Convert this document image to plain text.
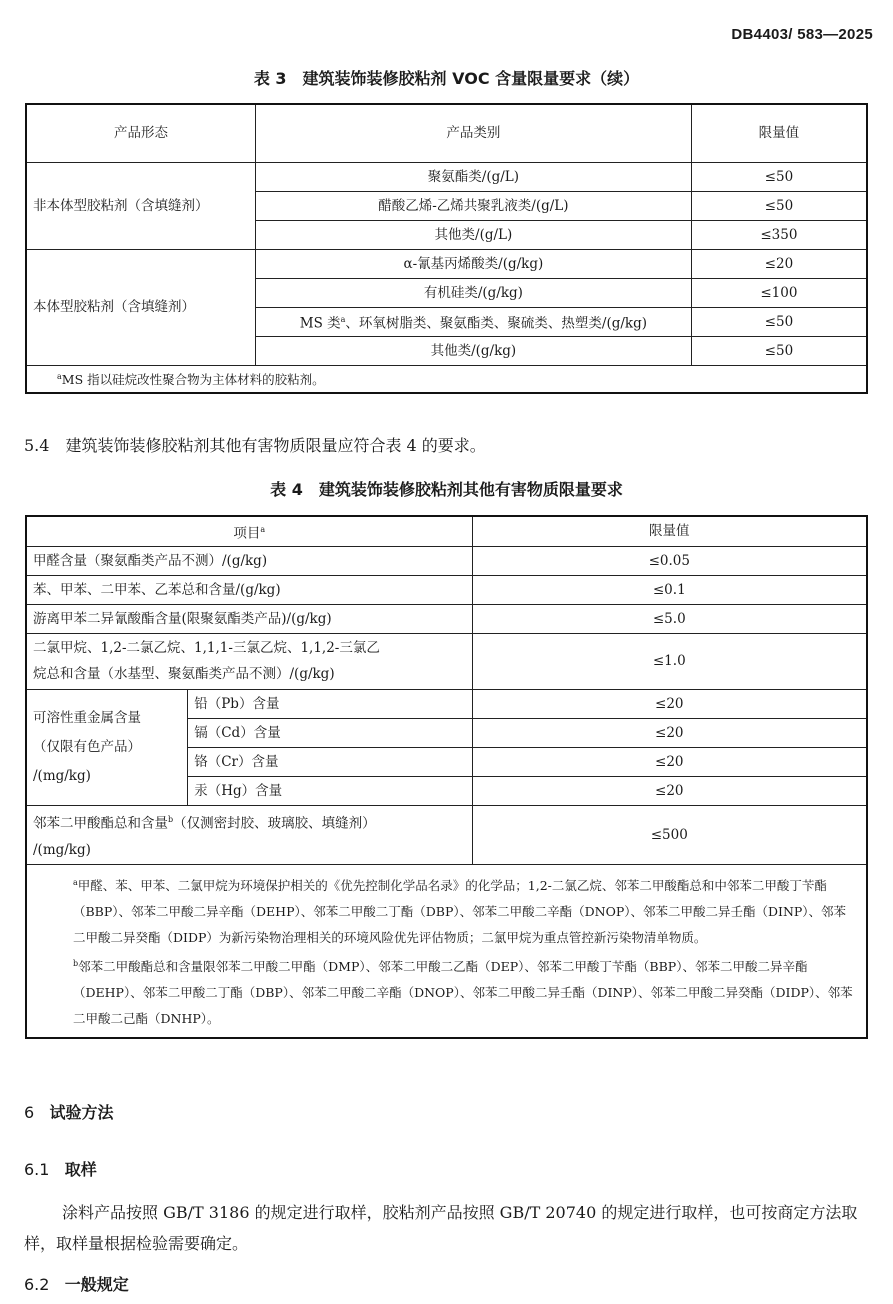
DB4403/ 583—2025
表 3　建筑装饰装修胶粘剂 VOC 含量限量要求（续）
产品形态	产品类别	限量值
非本体型胶粘剂（含填缝剂）	聚氨酯类/(g/L)	≤50
	醋酸乙烯-乙烯共聚乳液类/(g/L)	≤50
	其他类/(g/L)	≤350
本体型胶粘剂（含填缝剂）	α-氰基丙烯酸类/(g/kg)	≤20
	有机硅类/(g/kg)	≤100
	MS 类$^a$、环氧树脂类、聚氨酯类、聚硫类、热塑类/(g/kg)	≤50
	其他类/(g/kg)	≤50
$^a$MS 指以硅烷改性聚合物为主体材料的胶粘剂。		
5.4　建筑装饰装修胶粘剂其他有害物质限量应符合表 4 的要求。
表 4　建筑装饰装修胶粘剂其他有害物质限量要求
项目$^a$		限量值
甲醛含量（聚氨酯类产品不测）/(g/kg)		≤0.05
苯、甲苯、二甲苯、乙苯总和含量/(g/kg)		≤0.1
游离甲苯二异氰酸酯含量(限聚氨酯类产品)/(g/kg)		≤5.0

二氯甲烷、1,2-二氯乙烷、1,1,1-三氯乙烷、1,1,2-三氯乙
烷总和含量（水基型、聚氨酯类产品不测）/(g/kg)		≤1.0

可溶性重金属含量
（仅限有色产品）
/(mg/kg)	铅（Pb）含量	≤20
	镉（Cd）含量	≤20
	铬（Cr）含量	≤20
	汞（Hg）含量	≤20

邻苯二甲酸酯总和含量$^b$（仅测密封胶、玻璃胶、填缝剂）
/(mg/kg)		≤500

$^a$甲醛、苯、甲苯、二氯甲烷为环境保护相关的《优先控制化学品名录》的化学品；1,2-二氯乙烷、邻苯二甲酸酯总和中邻苯二甲酸丁苄酯（BBP）、邻苯二甲酸二异辛酯（DEHP）、邻苯二甲酸二丁酯（DBP）、邻苯二甲酸二辛酯（DNOP）、邻苯二甲酸二异壬酯（DINP）、邻苯二甲酸二异癸酯（DIDP）为新污染物治理相关的环境风险优先评估物质；二氯甲烷为重点管控新污染物清单物质。

$^b$邻苯二甲酸酯总和含量限邻苯二甲酸二甲酯（DMP）、邻苯二甲酸二乙酯（DEP）、邻苯二甲酸丁苄酯（BBP）、邻苯二甲酸二异辛酯（DEHP）、邻苯二甲酸二丁酯（DBP）、邻苯二甲酸二辛酯（DNOP）、邻苯二甲酸二异壬酯（DINP）、邻苯二甲酸二异癸酯（DIDP）、邻苯二甲酸二己酯（DNHP）。		

6 试验方法
6.1 取样
涂料产品按照 GB/T 3186 的规定进行取样，胶粘剂产品按照 GB/T 20740 的规定进行取样，也可按商定方法取样，取样量根据检验需要确定。
6.2 一般规定
